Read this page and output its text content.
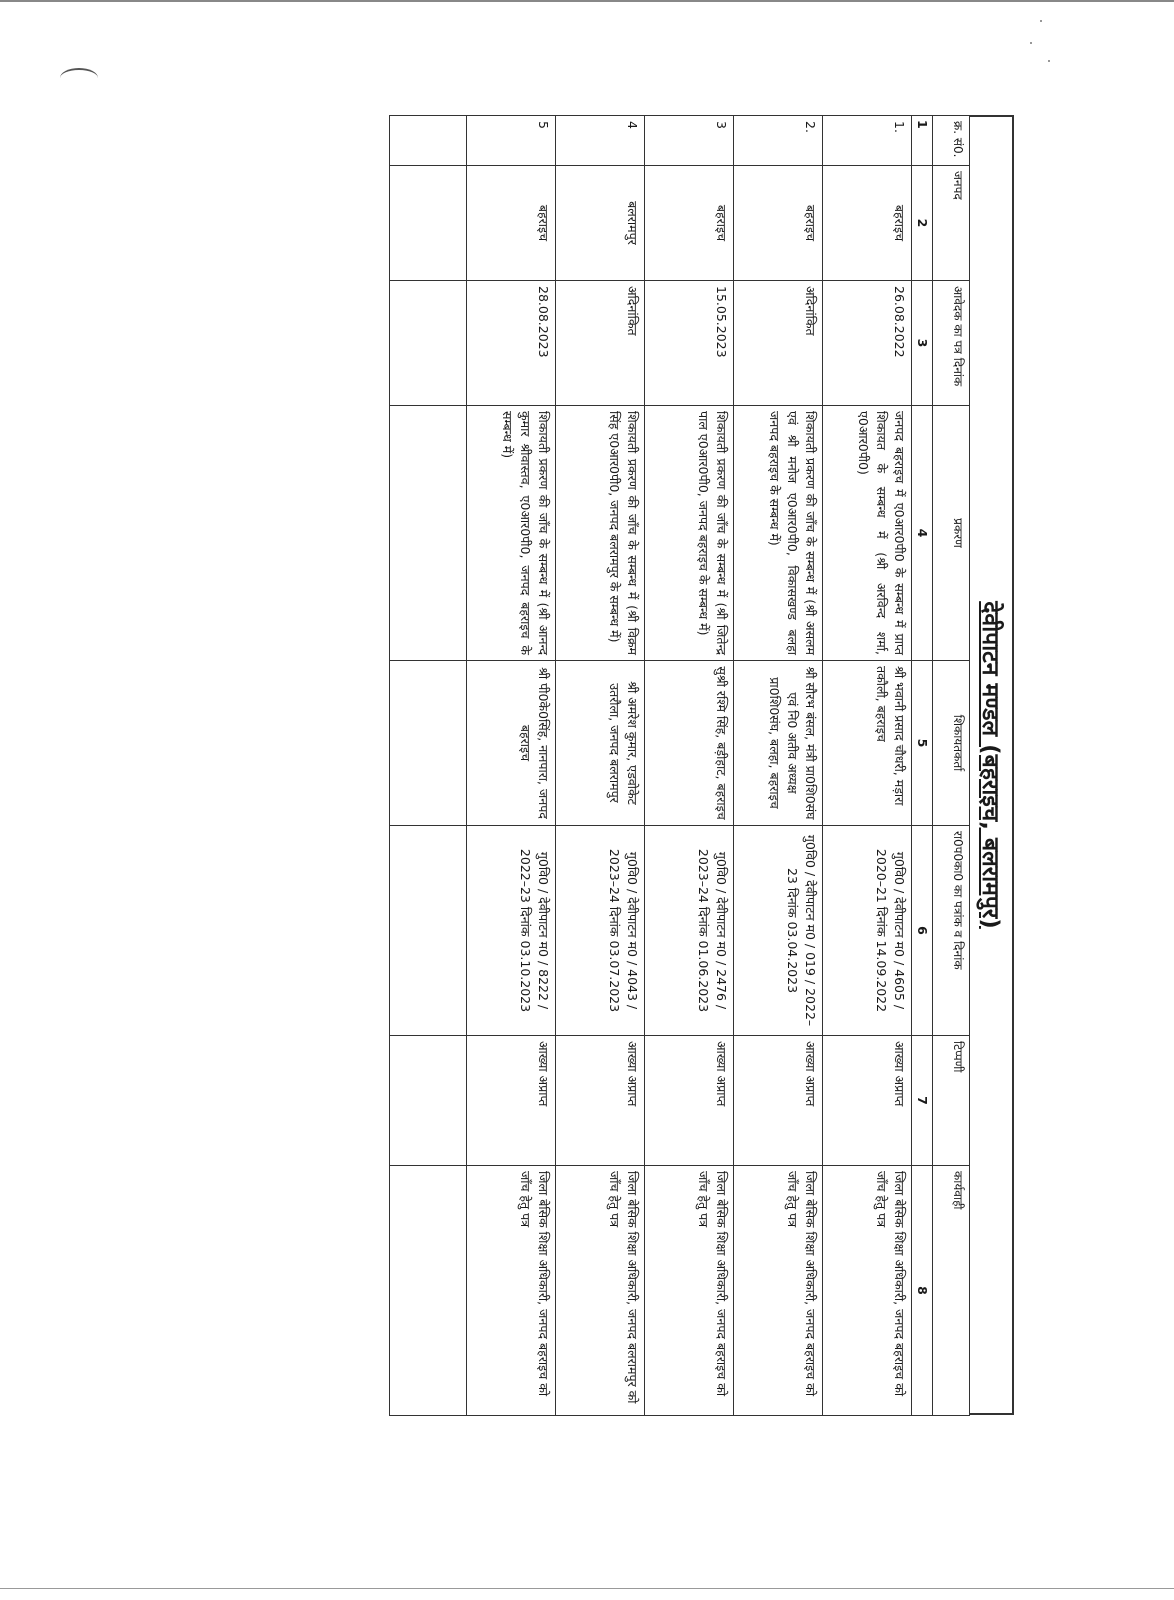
देवीपाटन मण्डल (बहराइच, बलरामपुर)
क्र. सं0.	जनपद	आवेदक का पत्र दिनांक	प्रकरण	शिकायतकर्ता	रा0प0का0 का पत्रांक व दिनांक	टिप्पणी	कार्यवाही
1	2	3	4	5	6	7	8
1.	बहराइच	26.08.2022	जनपद बहराइच में ए0आर0पी0 के सम्बन्ध में प्राप्त शिकायत के सम्बन्ध में (श्री अरविन्द शर्मा, ए0आर0पी0)	श्री भवानी प्रसाद चौधरी, मड़ारा तकौली, बहराइच	गु0वि0 / देवीपाटन म0 / 4605 / 2020–21 दिनांक 14.09.2022	आख्या अप्राप्त	जिला बेसिक शिक्षा अधिकारी, जनपद बहराइच को जाँच हेतु पत्र
2.	बहराइच	अदिनांकित	शिकायती प्रकरण की जाँच के सम्बन्ध में (श्री असलम एवं श्री मनोज ए0आर0पी0, विकासखण्ड बलहा जनपद बहराइच के सम्बन्ध में)	श्री सौरभ बंसल, मंत्री प्रा0शि0संघ एवं नि0 अतीव अध्यक्ष प्रा0शि0संघ, बलहा, बहराइच	गु0वि0 / देवीपाटन म0 / 019 / 2022–23 दिनांक 03.04.2023	आख्या अप्राप्त	जिला बेसिक शिक्षा अधिकारी, जनपद बहराइच को जाँच हेतु पत्र
3	बहराइच	15.05.2023	शिकायती प्रकरण की जाँच के सम्बन्ध में (श्री जितेन्द्र पाल ए0आर0पी0, जनपद बहराइच के सम्बन्ध में)	सुश्री रश्मि सिंह, बड़ीहाट, बहराइच	गु0वि0 / देवीपाटन म0 / 2476 / 2023–24 दिनांक 01.06.2023	आख्या अप्राप्त	जिला बेसिक शिक्षा अधिकारी, जनपद बहराइच को जाँच हेतु पत्र
4	बलरामपुर	अदिनांकित	शिकायती प्रकरण की जाँच के सम्बन्ध में (श्री विक्रम सिंह ए0आर0पी0, जनपद बलरामपुर के सम्बन्ध में)	श्री अमरेश कुमार, एडवोकेट उतरौला, जनपद बलरामपुर	गु0वि0 / देवीपाटन म0 / 4043 / 2023–24 दिनांक 03.07.2023	आख्या अप्राप्त	जिला बेसिक शिक्षा अधिकारी, जनपद बलरामपुर को जाँच हेतु पत्र
5	बहराइच	28.08.2023	शिकायती प्रकरण की जाँच के सम्बन्ध में (श्री आनन्द कुमार श्रीवास्तव, ए0आर0पी0, जनपद बहराइच के सम्बन्ध में)	श्री पी0के0सिंह, नानपारा, जनपद बहराइच	गु0वि0 / देवीपाटन म0 / 8222 / 2022–23 दिनांक 03.10.2023	आख्या अप्राप्त	जिला बेसिक शिक्षा अधिकारी, जनपद बहराइच को जाँच हेतु पत्र
